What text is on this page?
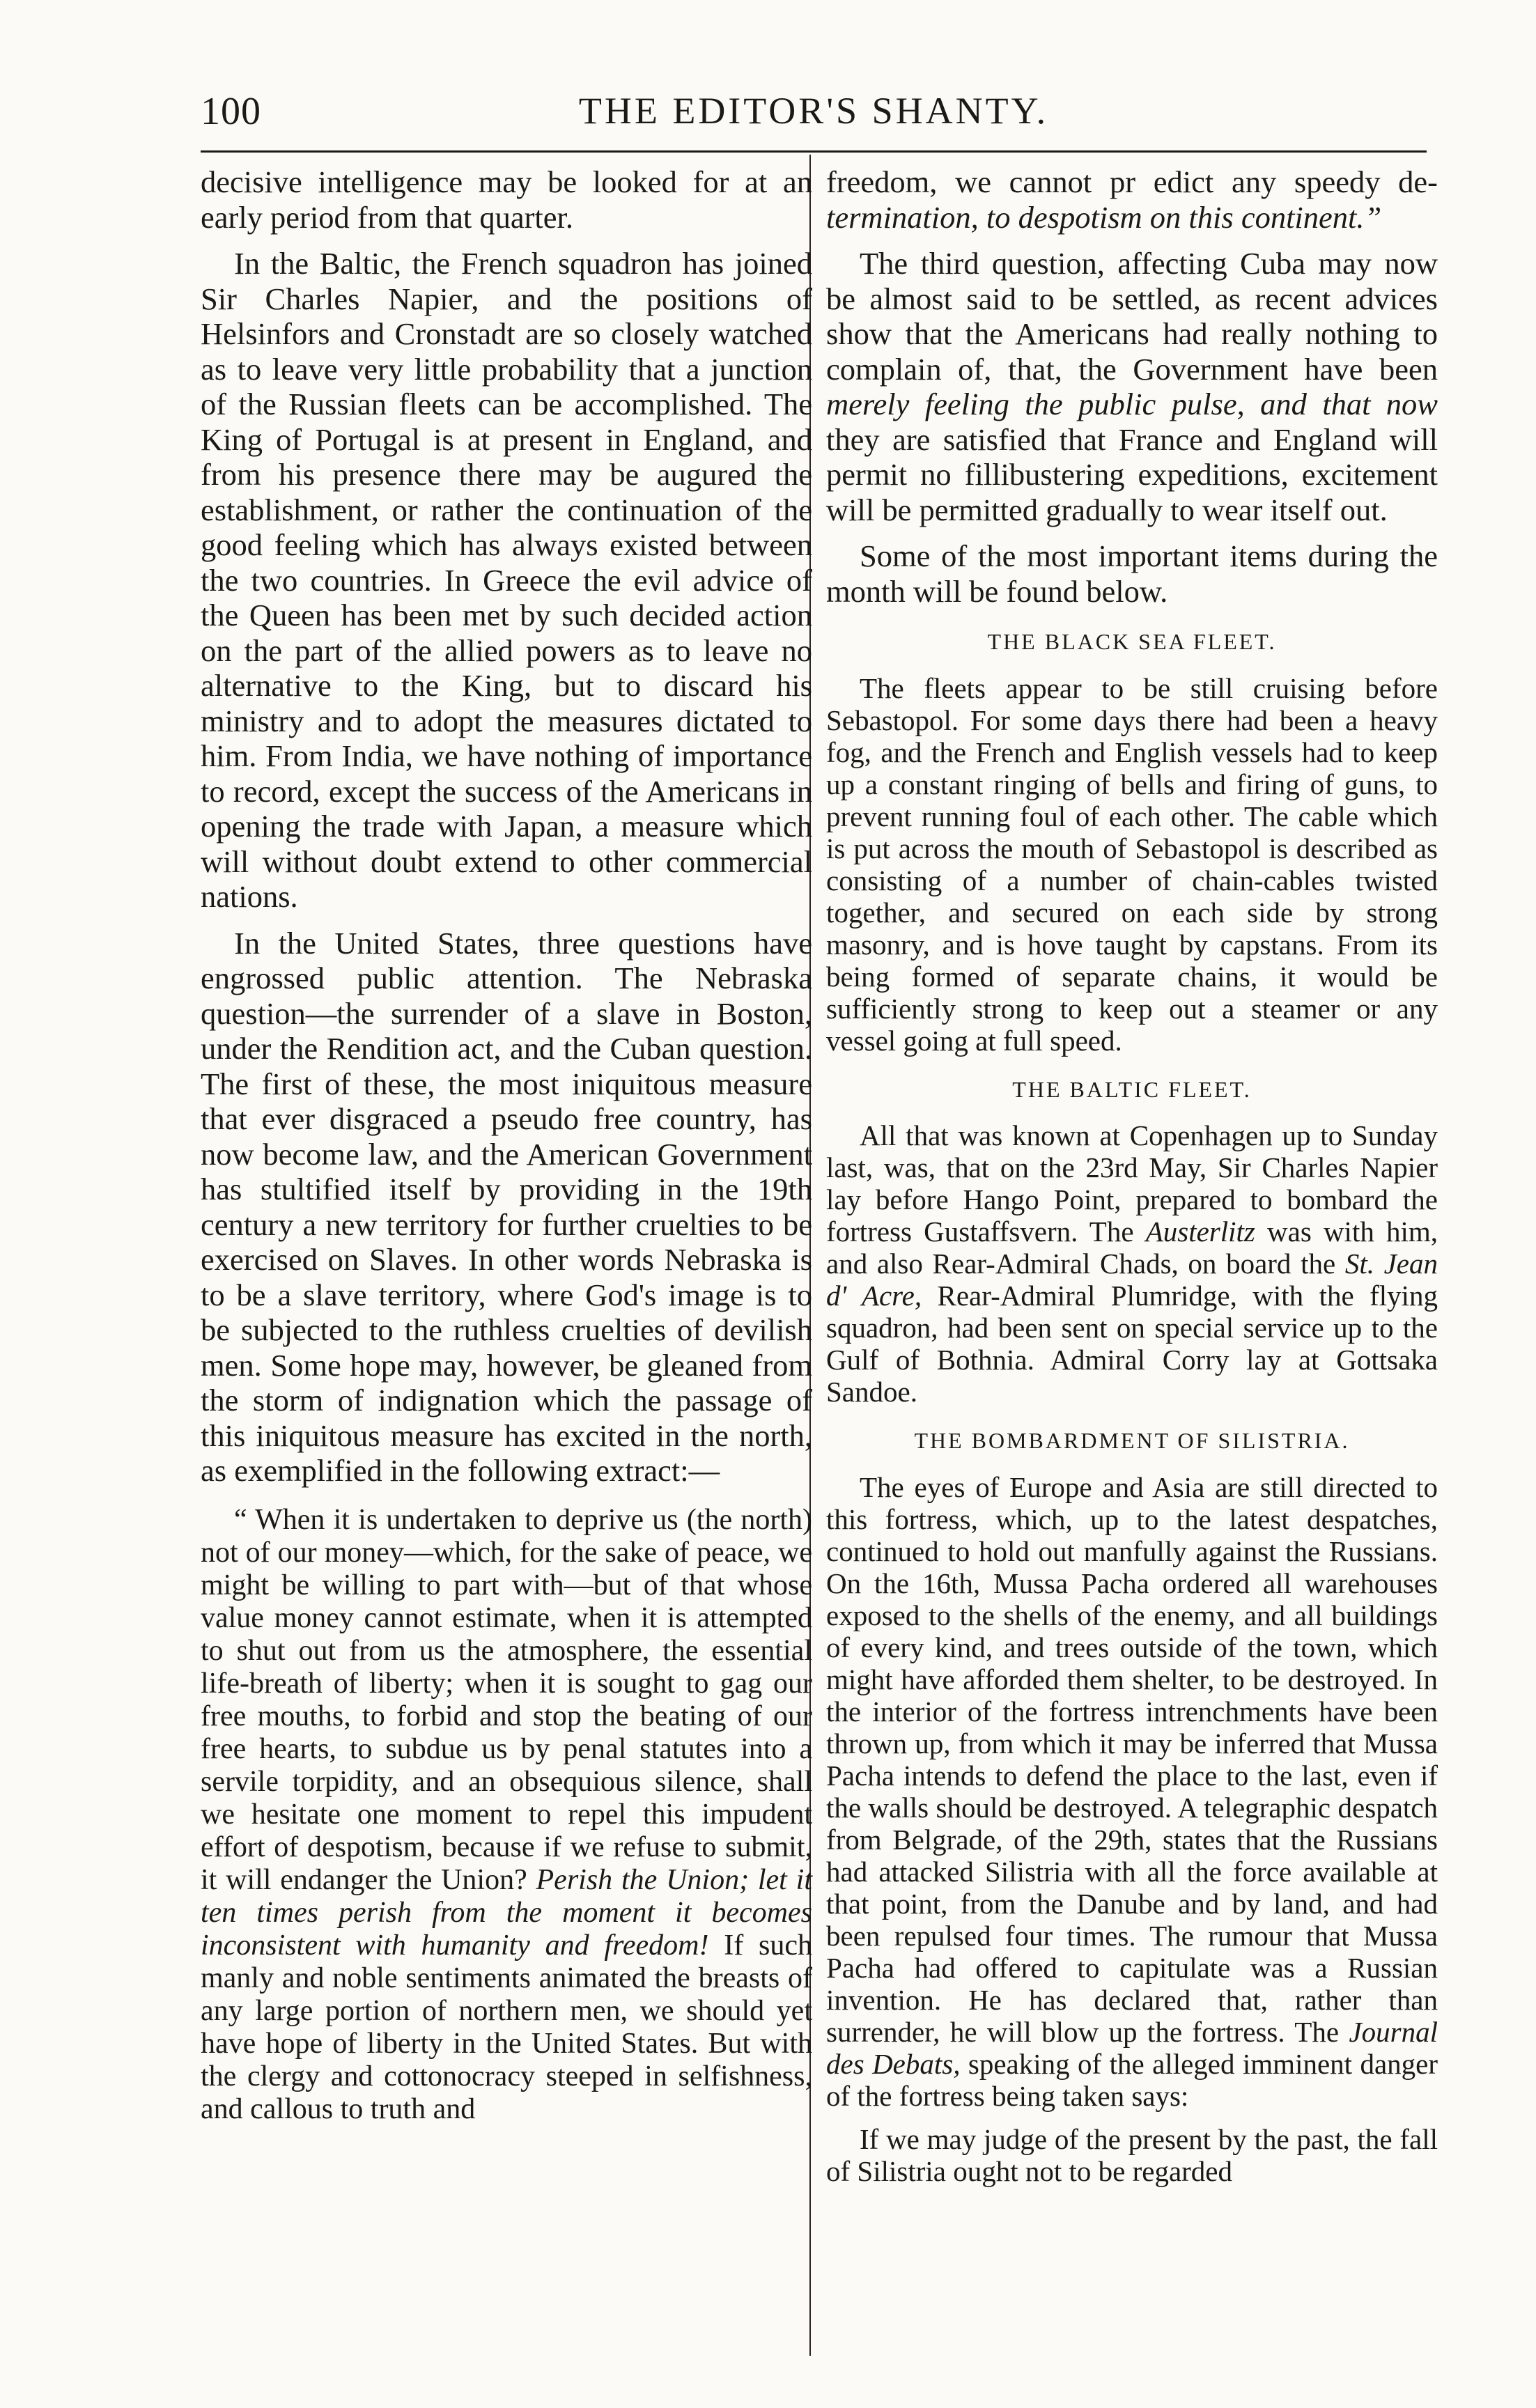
100	THE EDITOR'S SHANTY.

decisive intelligence may be looked for at an early period from that quarter.

In the Baltic, the French squadron has joined Sir Charles Napier, and the positions of Helsinfors and Cronstadt are so closely watched as to leave very little probability that a junction of the Russian fleets can be accomplished. The King of Portugal is at present in England, and from his presence there may be augured the establishment, or rather the continuation of the good feeling which has always existed between the two countries. In Greece the evil advice of the Queen has been met by such decided action on the part of the allied powers as to leave no alternative to the King, but to discard his ministry and to adopt the measures dictated to him. From India, we have nothing of importance to record, except the success of the Americans in opening the trade with Japan, a measure which will without doubt extend to other commercial nations.

In the United States, three questions have engrossed public attention. The Nebraska question—the surrender of a slave in Boston, under the Rendition act, and the Cuban question. The first of these, the most iniquitous measure that ever disgraced a pseudo free country, has now become law, and the American Government has stultified itself by providing in the 19th century a new territory for further cruelties to be exercised on Slaves. In other words Nebraska is to be a slave territory, where God's image is to be subjected to the ruthless cruelties of devilish men. Some hope may, however, be gleaned from the storm of indignation which the passage of this iniquitous measure has excited in the north, as exemplified in the following extract:—

“ When it is undertaken to deprive us (the north) not of our money—which, for the sake of peace, we might be willing to part with—but of that whose value money cannot estimate, when it is attempted to shut out from us the atmosphere, the essential life-breath of liberty; when it is sought to gag our free mouths, to forbid and stop the beating of our free hearts, to subdue us by penal statutes into a servile torpidity, and an obsequious silence, shall we hesitate one moment to repel this impudent effort of despotism, because if we refuse to submit, it will endanger the Union? Perish the Union; let it ten times perish from the moment it becomes inconsistent with humanity and freedom! If such manly and noble sentiments animated the breasts of any large portion of northern men, we should yet have hope of liberty in the United States. But with the clergy and cottonocracy steeped in selfishness, and callous to truth and

freedom, we cannot pr edict any speedy de- termination, to despotism on this continent.”

The third question, affecting Cuba may now be almost said to be settled, as recent advices show that the Americans had really nothing to complain of, that, the Government have been merely feeling the public pulse, and that now they are satisfied that France and England will permit no fillibustering expeditions, excitement will be permitted gradually to wear itself out.

Some of the most important items during the month will be found below.

THE BLACK SEA FLEET.

The fleets appear to be still cruising before Sebastopol. For some days there had been a heavy fog, and the French and English vessels had to keep up a constant ringing of bells and firing of guns, to prevent running foul of each other. The cable which is put across the mouth of Sebastopol is described as consisting of a number of chain-cables twisted together, and secured on each side by strong masonry, and is hove taught by capstans. From its being formed of separate chains, it would be sufficiently strong to keep out a steamer or any vessel going at full speed.

THE BALTIC FLEET.

All that was known at Copenhagen up to Sunday last, was, that on the 23rd May, Sir Charles Napier lay before Hango Point, prepared to bombard the fortress Gustaffsvern. The Austerlitz was with him, and also Rear-Admiral Chads, on board the St. Jean d' Acre, Rear-Admiral Plumridge, with the flying squadron, had been sent on special service up to the Gulf of Bothnia. Admiral Corry lay at Gottsaka Sandoe.

THE BOMBARDMENT OF SILISTRIA.

The eyes of Europe and Asia are still directed to this fortress, which, up to the latest despatches, continued to hold out manfully against the Russians. On the 16th, Mussa Pacha ordered all warehouses exposed to the shells of the enemy, and all buildings of every kind, and trees outside of the town, which might have afforded them shelter, to be destroyed. In the interior of the fortress intrenchments have been thrown up, from which it may be inferred that Mussa Pacha intends to defend the place to the last, even if the walls should be destroyed. A telegraphic despatch from Belgrade, of the 29th, states that the Russians had attacked Silistria with all the force available at that point, from the Danube and by land, and had been repulsed four times. The rumour that Mussa Pacha had offered to capitulate was a Russian invention. He has declared that, rather than surrender, he will blow up the fortress. The Journal des Debats, speaking of the alleged imminent danger of the fortress being taken says:

If we may judge of the present by the past, the fall of Silistria ought not to be regarded
